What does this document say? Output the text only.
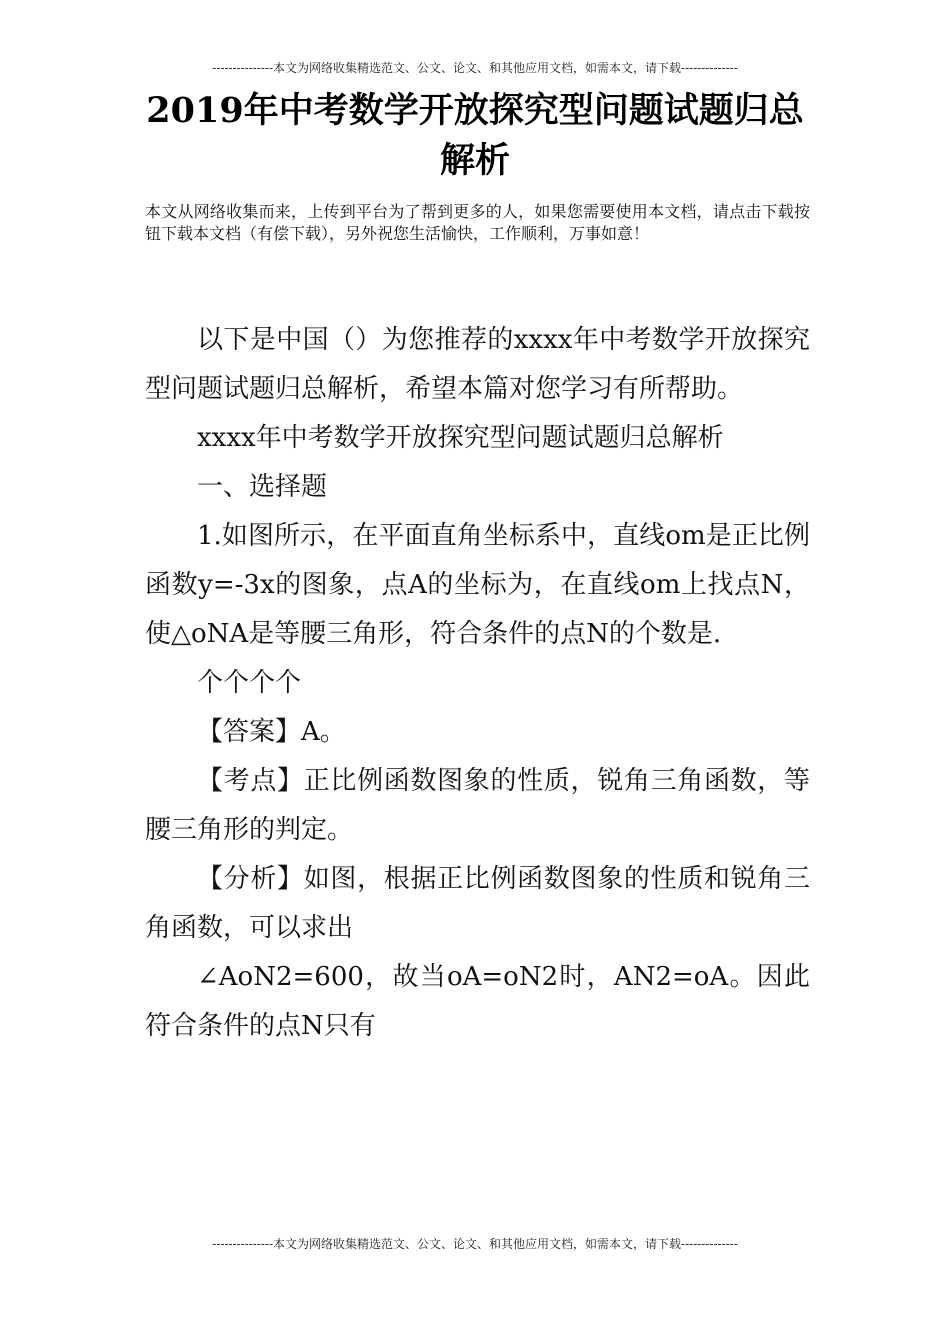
---------------本文为网络收集精选范文、公文、论文、和其他应用文档，如需本文，请下载--------------
2019年中考数学开放探究型问题试题归总解析
本文从网络收集而来，上传到平台为了帮到更多的人，如果您需要使用本文档，请点击下载按钮下载本文档（有偿下载），另外祝您生活愉快，工作顺利，万事如意！

以下是中国（）为您推荐的xxxx年中考数学开放探究型问题试题归总解析，希望本篇对您学习有所帮助。

xxxx年中考数学开放探究型问题试题归总解析

一、选择题

1.如图所示，在平面直角坐标系中，直线om是正比例函数y=-3x的图象，点A的坐标为，在直线om上找点N，使△oNA是等腰三角形，符合条件的点N的个数是.

个个个个

【答案】A。

【考点】正比例函数图象的性质，锐角三角函数，等腰三角形的判定。

【分析】如图，根据正比例函数图象的性质和锐角三角函数，可以求出

∠AoN2=600，故当oA=oN2时，AN2=oA。因此符合条件的点N只有

---------------本文为网络收集精选范文、公文、论文、和其他应用文档，如需本文，请下载--------------
